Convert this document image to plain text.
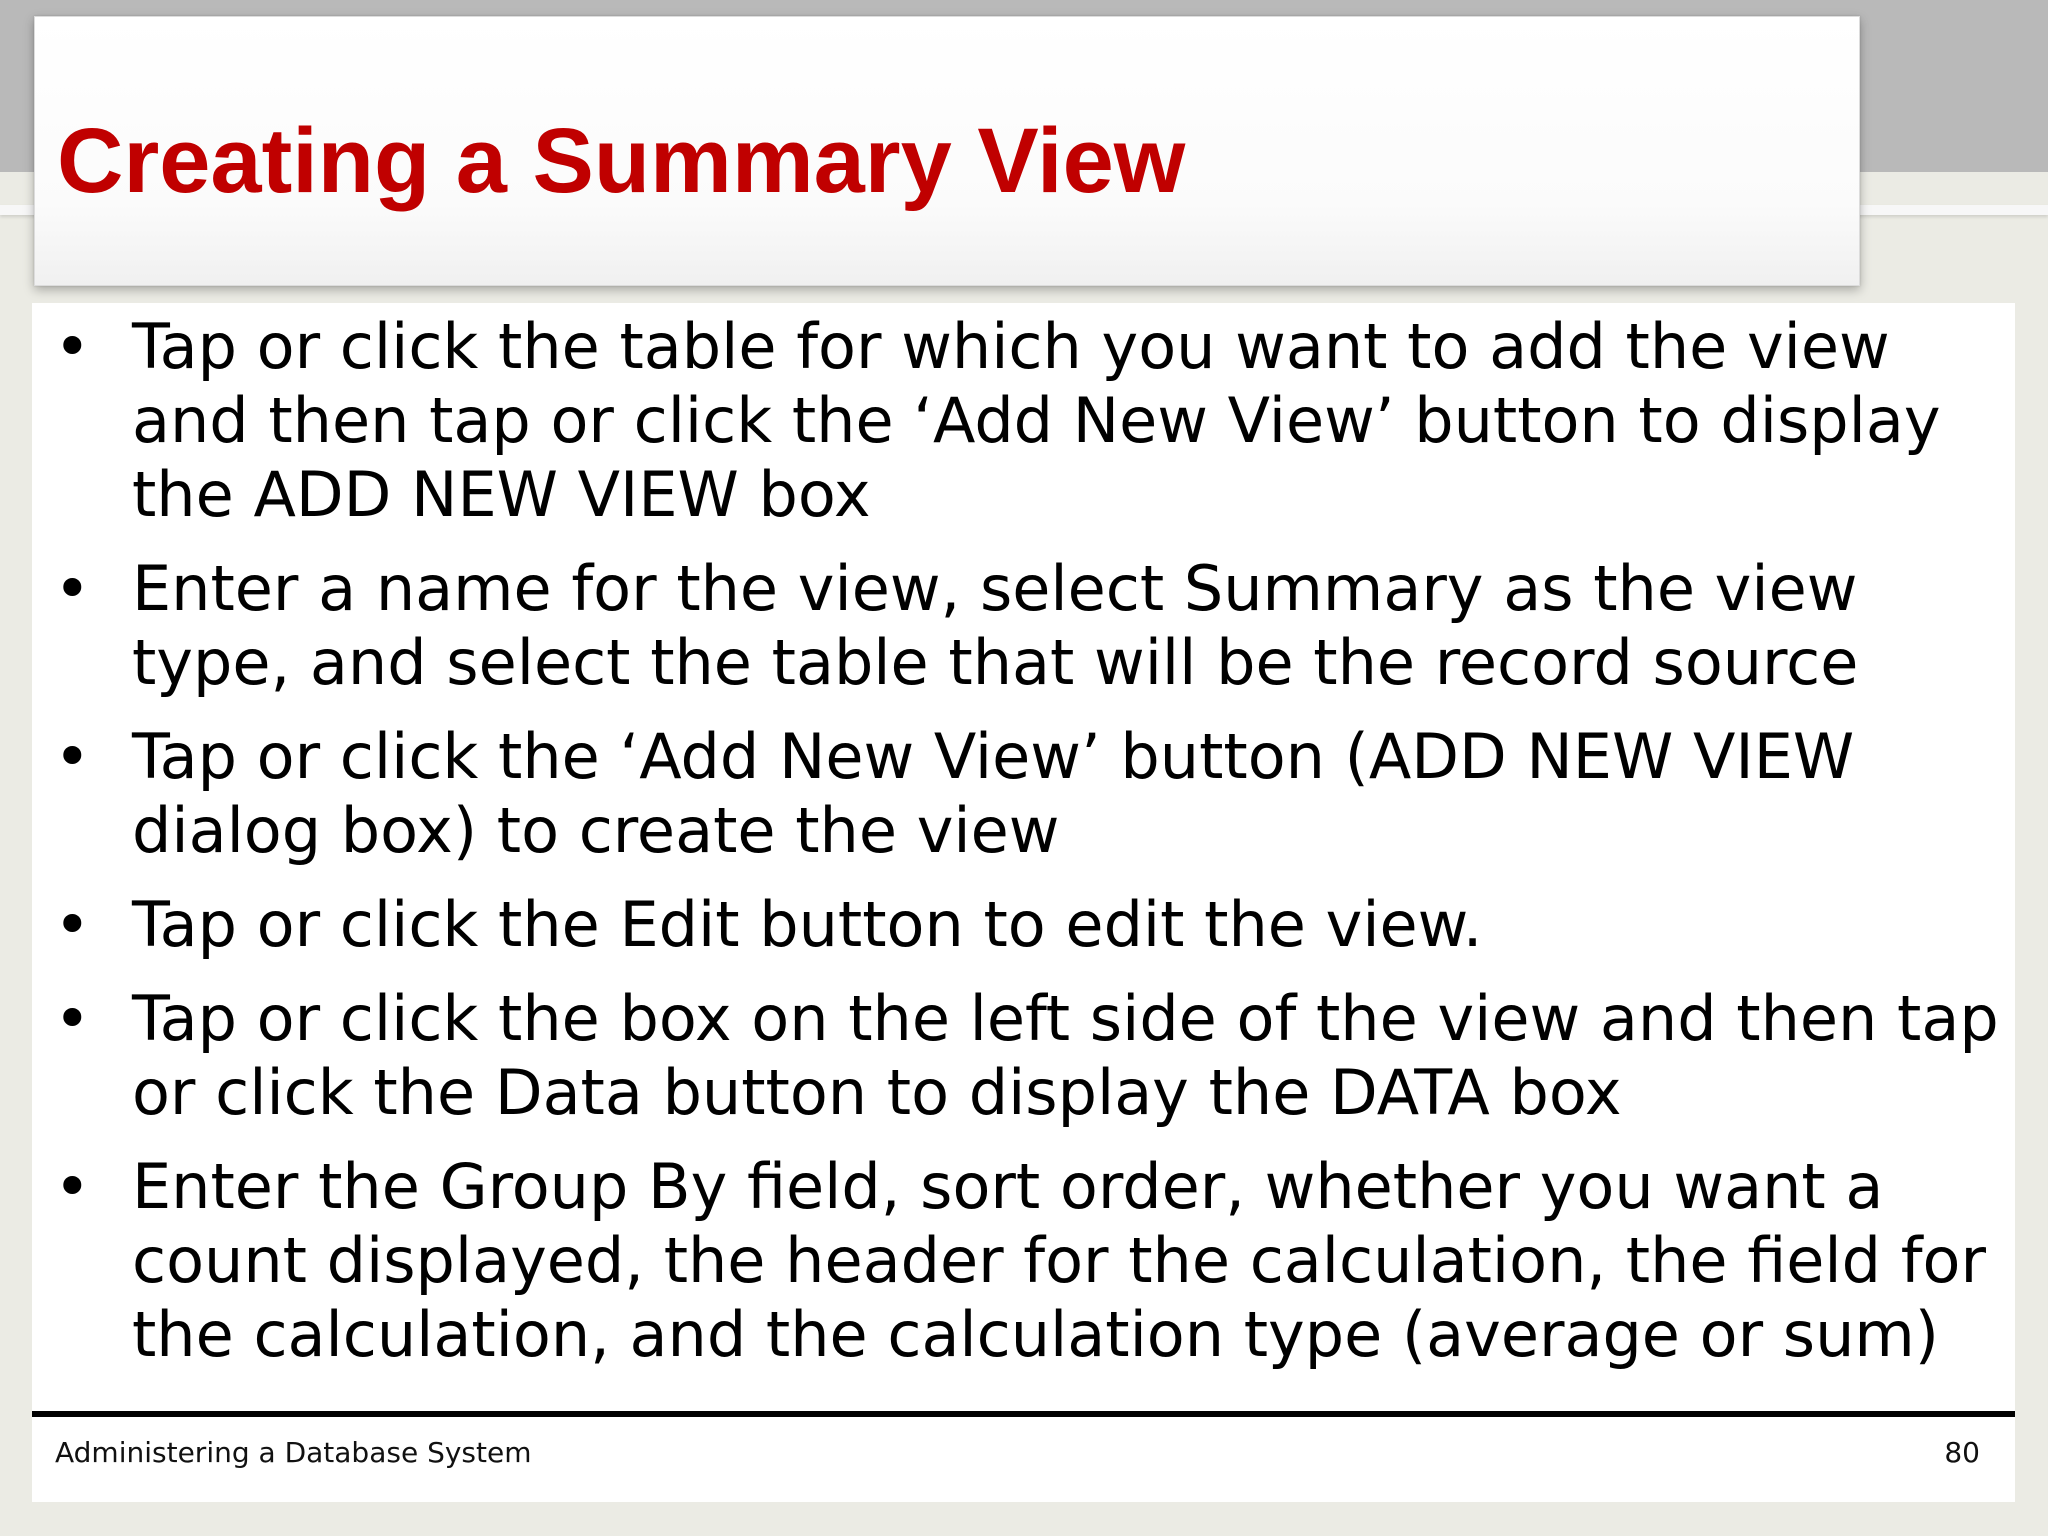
Creating a Summary View
• Tap or click the table for which you want to add the view and then tap or click the ‘Add New View’ button to display the ADD NEW VIEW box
• Enter a name for the view, select Summary as the view type, and select the table that will be the record source
• Tap or click the ‘Add New View’ button (ADD NEW VIEW dialog box) to create the view
• Tap or click the Edit button to edit the view.
• Tap or click the box on the left side of the view and then tap or click the Data button to display the DATA box
• Enter the Group By field, sort order, whether you want a count displayed, the header for the calculation, the field for the calculation, and the calculation type (average or sum)
Administering a Database System	80
